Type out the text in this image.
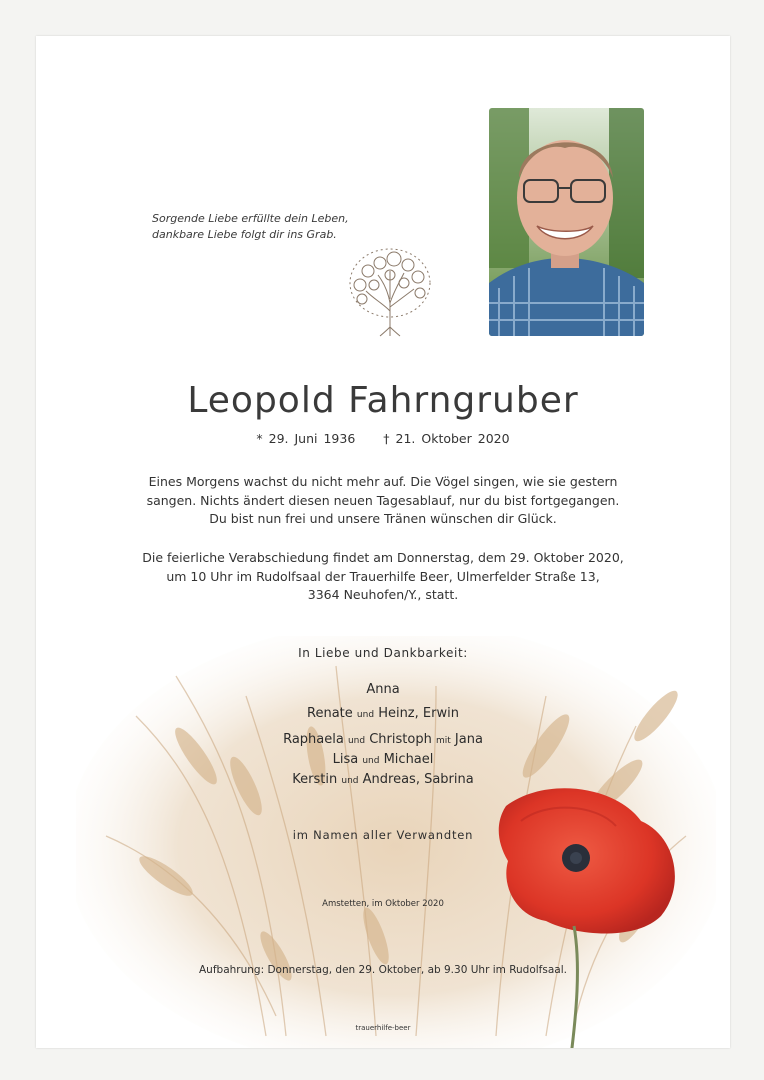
Sorgende Liebe erfüllte dein Leben,
dankbare Liebe folgt dir ins Grab.
Leopold Fahrngruber
* 29. Juni 1936 † 21. Oktober 2020
Eines Morgens wachst du nicht mehr auf. Die Vögel singen, wie sie gestern
sangen. Nichts ändert diesen neuen Tagesablauf, nur du bist fortgegangen.
Du bist nun frei und unsere Tränen wünschen dir Glück.
Die feierliche Verabschiedung findet am Donnerstag, dem 29. Oktober 2020,
um 10 Uhr im Rudolfsaal der Trauerhilfe Beer, Ulmerfelder Straße 13,
3364 Neuhofen/Y., statt.
In Liebe und Dankbarkeit:
Anna
Renate und Heinz, Erwin
Raphaela und Christoph mit Jana
Lisa und Michael
Kerstin und Andreas, Sabrina
im Namen aller Verwandten
Amstetten, im Oktober 2020
Aufbahrung: Donnerstag, den 29. Oktober, ab 9.30 Uhr im Rudolfsaal.
trauerhilfe-beer
